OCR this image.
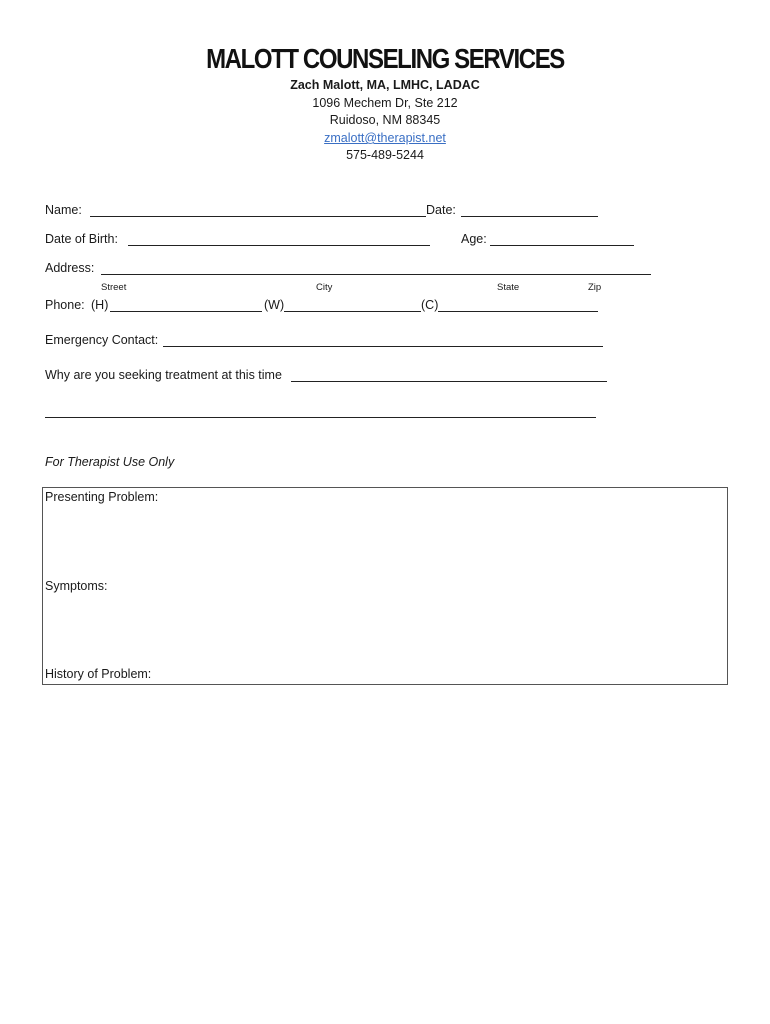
MALOTT COUNSELING SERVICES
Zach Malott, MA, LMHC, LADAC
1096 Mechem Dr, Ste 212
Ruidoso, NM 88345
zmalott@therapist.net
575-489-5244
Name:	Date:
Date of Birth:	Age:
Address:
Street	City	State	Zip
Phone: (H)	(W)	(C)
Emergency Contact:
Why are you seeking treatment at this time
For Therapist Use Only
Presenting Problem:
Symptoms:
History of Problem:
